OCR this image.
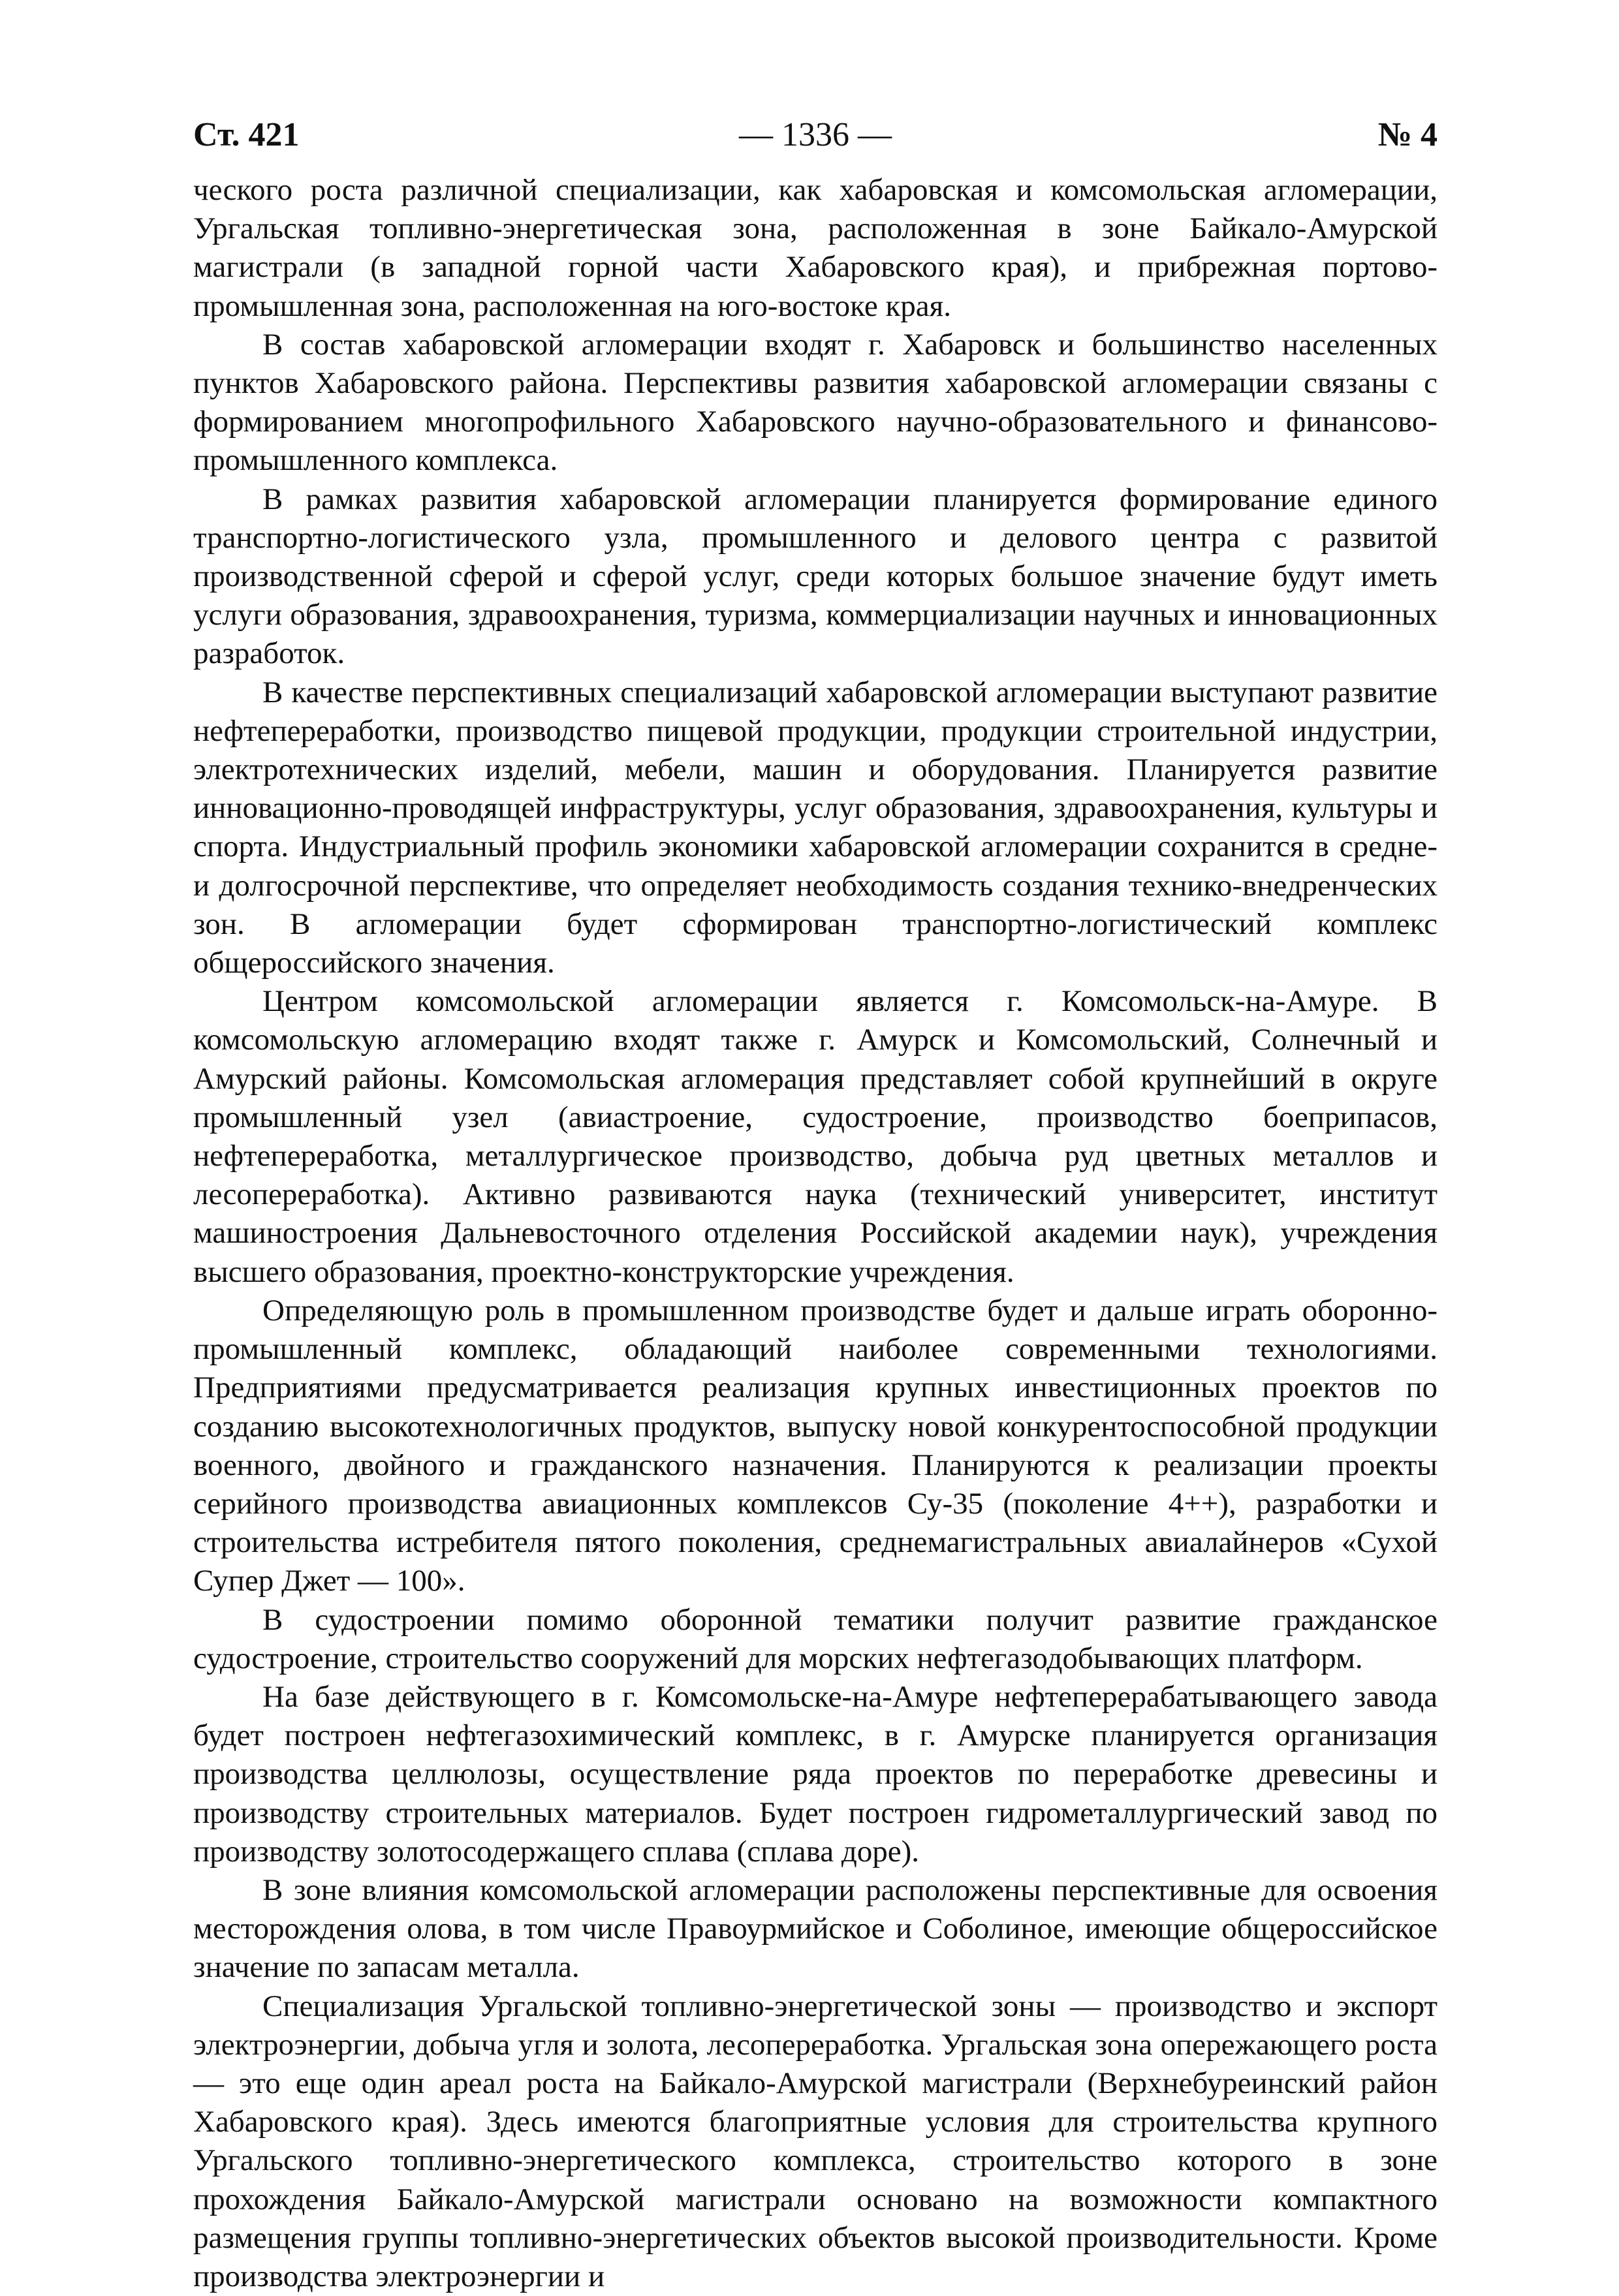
Ст. 421	— 1336 —	№ 4

ческого роста различной специализации, как хабаровская и комсомольская агломерации, Ургальская топливно-энергетическая зона, расположенная в зоне Байкало-Амурской магистрали (в западной горной части Хабаровского края), и прибрежная портово-промышленная зона, расположенная на юго-востоке края.

В состав хабаровской агломерации входят г. Хабаровск и большинство населенных пунктов Хабаровского района. Перспективы развития хабаровской агломерации связаны с формированием многопрофильного Хабаровского научно-образовательного и финансово-промышленного комплекса.

В рамках развития хабаровской агломерации планируется формирование единого транспортно-логистического узла, промышленного и делового центра с развитой производственной сферой и сферой услуг, среди которых большое значение будут иметь услуги образования, здравоохранения, туризма, коммерциализации научных и инновационных разработок.

В качестве перспективных специализаций хабаровской агломерации выступают развитие нефтепереработки, производство пищевой продукции, продукции строительной индустрии, электротехнических изделий, мебели, машин и оборудования. Планируется развитие инновационно-проводящей инфраструктуры, услуг образования, здравоохранения, культуры и спорта. Индустриальный профиль экономики хабаровской агломерации сохранится в средне- и долгосрочной перспективе, что определяет необходимость создания технико-внедренческих зон. В агломерации будет сформирован транспортно-логистический комплекс общероссийского значения.

Центром комсомольской агломерации является г. Комсомольск-на-Амуре. В комсомольскую агломерацию входят также г. Амурск и Комсомольский, Солнечный и Амурский районы. Комсомольская агломерация представляет собой крупнейший в округе промышленный узел (авиастроение, судостроение, производство боеприпасов, нефтепереработка, металлургическое производство, добыча руд цветных металлов и лесопереработка). Активно развиваются наука (технический университет, институт машиностроения Дальневосточного отделения Российской академии наук), учреждения высшего образования, проектно-конструкторские учреждения.

Определяющую роль в промышленном производстве будет и дальше играть оборонно-промышленный комплекс, обладающий наиболее современными технологиями. Предприятиями предусматривается реализация крупных инвестиционных проектов по созданию высокотехнологичных продуктов, выпуску новой конкурентоспособной продукции военного, двойного и гражданского назначения. Планируются к реализации проекты серийного производства авиационных комплексов Су-35 (поколение 4++), разработки и строительства истребителя пятого поколения, среднемагистральных авиалайнеров «Сухой Супер Джет — 100».

В судостроении помимо оборонной тематики получит развитие гражданское судостроение, строительство сооружений для морских нефтегазодобывающих платформ.

На базе действующего в г. Комсомольске-на-Амуре нефтеперерабатывающего завода будет построен нефтегазохимический комплекс, в г. Амурске планируется организация производства целлюлозы, осуществление ряда проектов по переработке древесины и производству строительных материалов. Будет построен гидрометаллургический завод по производству золотосодержащего сплава (сплава доре).

В зоне влияния комсомольской агломерации расположены перспективные для освоения месторождения олова, в том числе Правоурмийское и Соболиное, имеющие общероссийское значение по запасам металла.

Специализация Ургальской топливно-энергетической зоны — производство и экспорт электроэнергии, добыча угля и золота, лесопереработка. Ургальская зона опережающего роста — это еще один ареал роста на Байкало-Амурской магистрали (Верхнебуреинский район Хабаровского края). Здесь имеются благоприятные условия для строительства крупного Ургальского топливно-энергетического комплекса, строительство которого в зоне прохождения Байкало-Амурской магистрали основано на возможности компактного размещения группы топливно-энергетических объектов высокой производительности. Кроме производства электроэнергии и
